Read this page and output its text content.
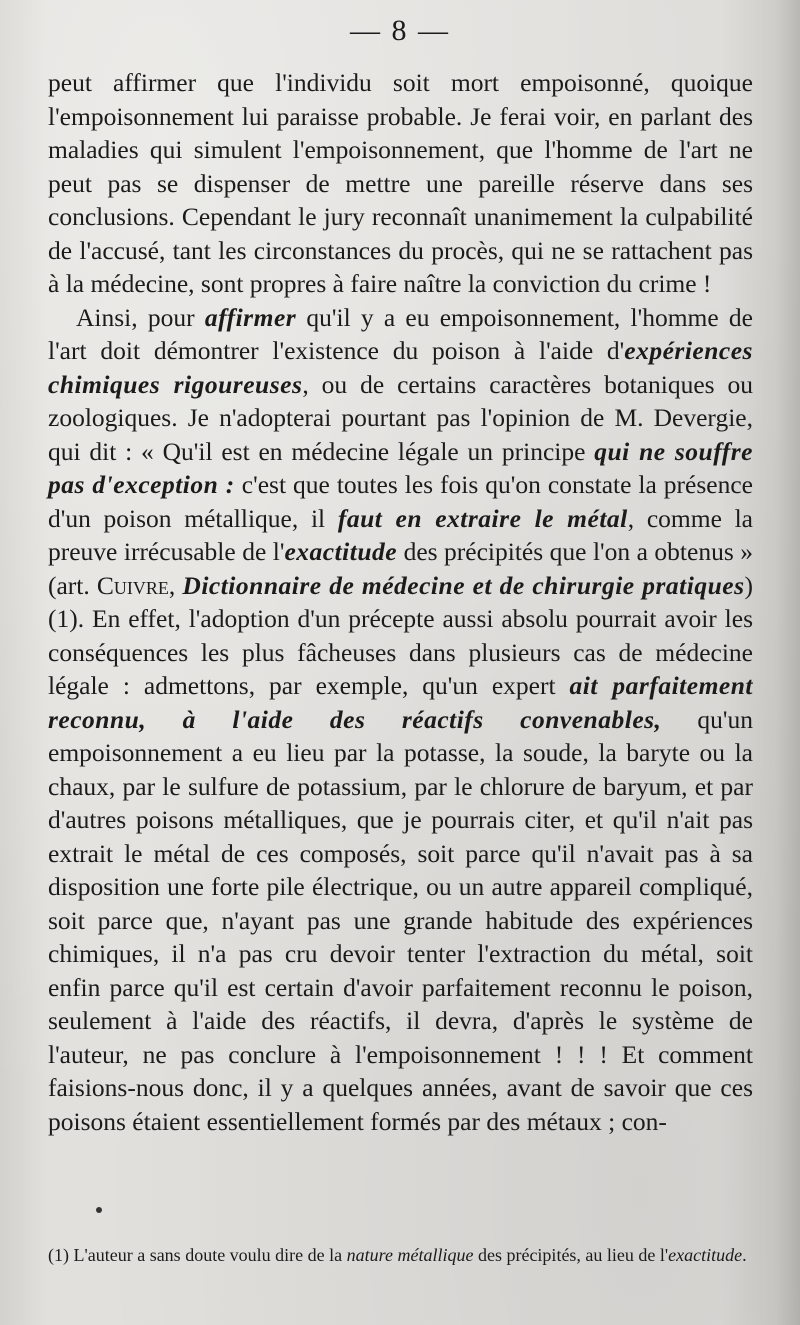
— 8 —

peut affirmer que l'individu soit mort empoisonné, quoique l'empoisonnement lui paraisse probable. Je ferai voir, en parlant des maladies qui simulent l'empoisonnement, que l'homme de l'art ne peut pas se dispenser de mettre une pareille réserve dans ses conclusions. Cependant le jury reconnaît unanimement la culpabilité de l'accusé, tant les circonstances du procès, qui ne se rattachent pas à la médecine, sont propres à faire naître la conviction du crime !

Ainsi, pour affirmer qu'il y a eu empoisonnement, l'homme de l'art doit démontrer l'existence du poison à l'aide d'expériences chimiques rigoureuses, ou de certains caractères botaniques ou zoologiques. Je n'adopterai pourtant pas l'opinion de M. Devergie, qui dit : « Qu'il est en médecine légale un principe qui ne souffre pas d'exception : c'est que toutes les fois qu'on constate la présence d'un poison métallique, il faut en extraire le métal, comme la preuve irrécusable de l'exactitude des précipités que l'on a obtenus » (art. Cuivre, Dictionnaire de médecine et de chirurgie pratiques) (1). En effet, l'adoption d'un précepte aussi absolu pourrait avoir les conséquences les plus fâcheuses dans plusieurs cas de médecine légale : admettons, par exemple, qu'un expert ait parfaitement reconnu, à l'aide des réactifs convenables, qu'un empoisonnement a eu lieu par la potasse, la soude, la baryte ou la chaux, par le sulfure de potassium, par le chlorure de baryum, et par d'autres poisons métalliques, que je pourrais citer, et qu'il n'ait pas extrait le métal de ces composés, soit parce qu'il n'avait pas à sa disposition une forte pile électrique, ou un autre appareil compliqué, soit parce que, n'ayant pas une grande habitude des expériences chimiques, il n'a pas cru devoir tenter l'extraction du métal, soit enfin parce qu'il est certain d'avoir parfaitement reconnu le poison, seulement à l'aide des réactifs, il devra, d'après le système de l'auteur, ne pas conclure à l'empoisonnement ! ! ! Et comment faisions-nous donc, il y a quelques années, avant de savoir que ces poisons étaient essentiellement formés par des métaux ; con-

(1) L'auteur a sans doute voulu dire de la nature métallique des précipités, au lieu de l'exactitude.
